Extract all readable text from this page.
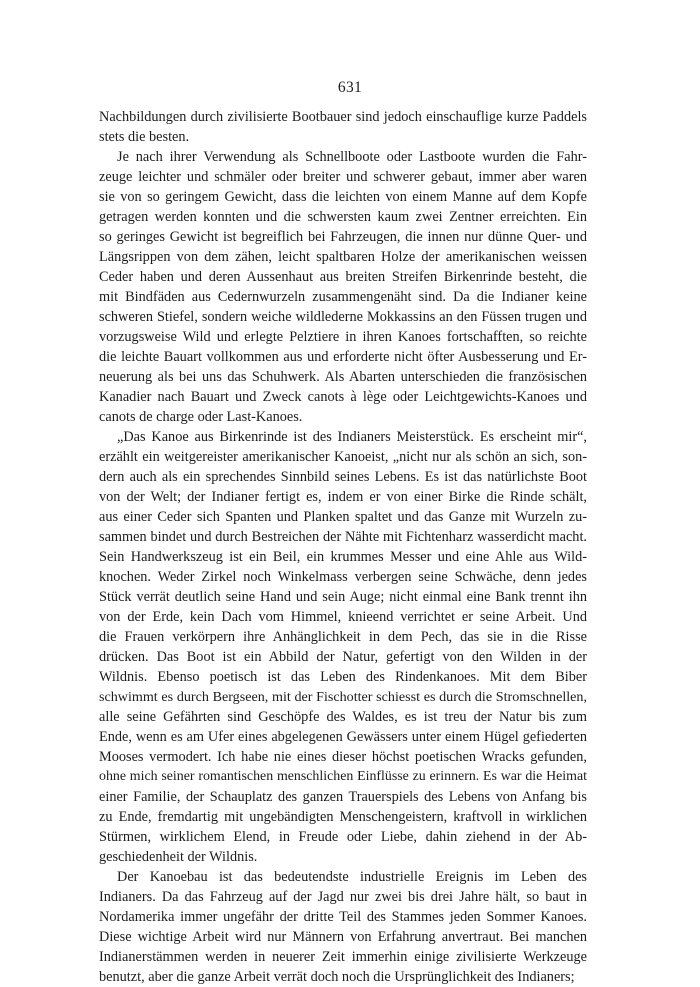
631
Nachbildungen durch zivilisierte Bootbauer sind jedoch einschauflige kurze Paddels
stets die besten.
Je nach ihrer Verwendung als Schnellboote oder Lastboote wurden die Fahr-
zeuge leichter und schmäler oder breiter und schwerer gebaut, immer aber waren
sie von so geringem Gewicht, dass die leichten von einem Manne auf dem Kopfe
getragen werden konnten und die schwersten kaum zwei Zentner erreichten. Ein
so geringes Gewicht ist begreiflich bei Fahrzeugen, die innen nur dünne Quer- und
Längsrippen von dem zähen, leicht spaltbaren Holze der amerikanischen weissen
Ceder haben und deren Aussenhaut aus breiten Streifen Birkenrinde besteht, die
mit Bindfäden aus Cedernwurzeln zusammengenäht sind. Da die Indianer keine
schweren Stiefel, sondern weiche wildlederne Mokkassins an den Füssen trugen und
vorzugsweise Wild und erlegte Pelztiere in ihren Kanoes fortschafften, so reichte
die leichte Bauart vollkommen aus und erforderte nicht öfter Ausbesserung und Er-
neuerung als bei uns das Schuhwerk. Als Abarten unterschieden die französischen
Kanadier nach Bauart und Zweck canots à lège oder Leichtgewichts-Kanoes und
canots de charge oder Last-Kanoes.
„Das Kanoe aus Birkenrinde ist des Indianers Meisterstück. Es erscheint mir“,
erzählt ein weitgereister amerikanischer Kanoeist, „nicht nur als schön an sich, son-
dern auch als ein sprechendes Sinnbild seines Lebens. Es ist das natürlichste Boot
von der Welt; der Indianer fertigt es, indem er von einer Birke die Rinde schält,
aus einer Ceder sich Spanten und Planken spaltet und das Ganze mit Wurzeln zu-
sammen bindet und durch Bestreichen der Nähte mit Fichtenharz wasserdicht macht.
Sein Handwerkszeug ist ein Beil, ein krummes Messer und eine Ahle aus Wild-
knochen. Weder Zirkel noch Winkelmass verbergen seine Schwäche, denn jedes
Stück verrät deutlich seine Hand und sein Auge; nicht einmal eine Bank trennt ihn
von der Erde, kein Dach vom Himmel, knieend verrichtet er seine Arbeit. Und
die Frauen verkörpern ihre Anhänglichkeit in dem Pech, das sie in die Risse
drücken. Das Boot ist ein Abbild der Natur, gefertigt von den Wilden in der
Wildnis. Ebenso poetisch ist das Leben des Rindenkanoes. Mit dem Biber
schwimmt es durch Bergseen, mit der Fischotter schiesst es durch die Stromschnellen,
alle seine Gefährten sind Geschöpfe des Waldes, es ist treu der Natur bis zum
Ende, wenn es am Ufer eines abgelegenen Gewässers unter einem Hügel gefiederten
Mooses vermodert. Ich habe nie eines dieser höchst poetischen Wracks gefunden,
ohne mich seiner romantischen menschlichen Einflüsse zu erinnern. Es war die Heimat
einer Familie, der Schauplatz des ganzen Trauerspiels des Lebens von Anfang bis
zu Ende, fremdartig mit ungebändigten Menschengeistern, kraftvoll in wirklichen
Stürmen, wirklichem Elend, in Freude oder Liebe, dahin ziehend in der Ab-
geschiedenheit der Wildnis.
Der Kanoebau ist das bedeutendste industrielle Ereignis im Leben des
Indianers. Da das Fahrzeug auf der Jagd nur zwei bis drei Jahre hält, so baut in
Nordamerika immer ungefähr der dritte Teil des Stammes jeden Sommer Kanoes.
Diese wichtige Arbeit wird nur Männern von Erfahrung anvertraut. Bei manchen
Indianerstämmen werden in neuerer Zeit immerhin einige zivilisierte Werkzeuge
benutzt, aber die ganze Arbeit verrät doch noch die Ursprünglichkeit des Indianers;
